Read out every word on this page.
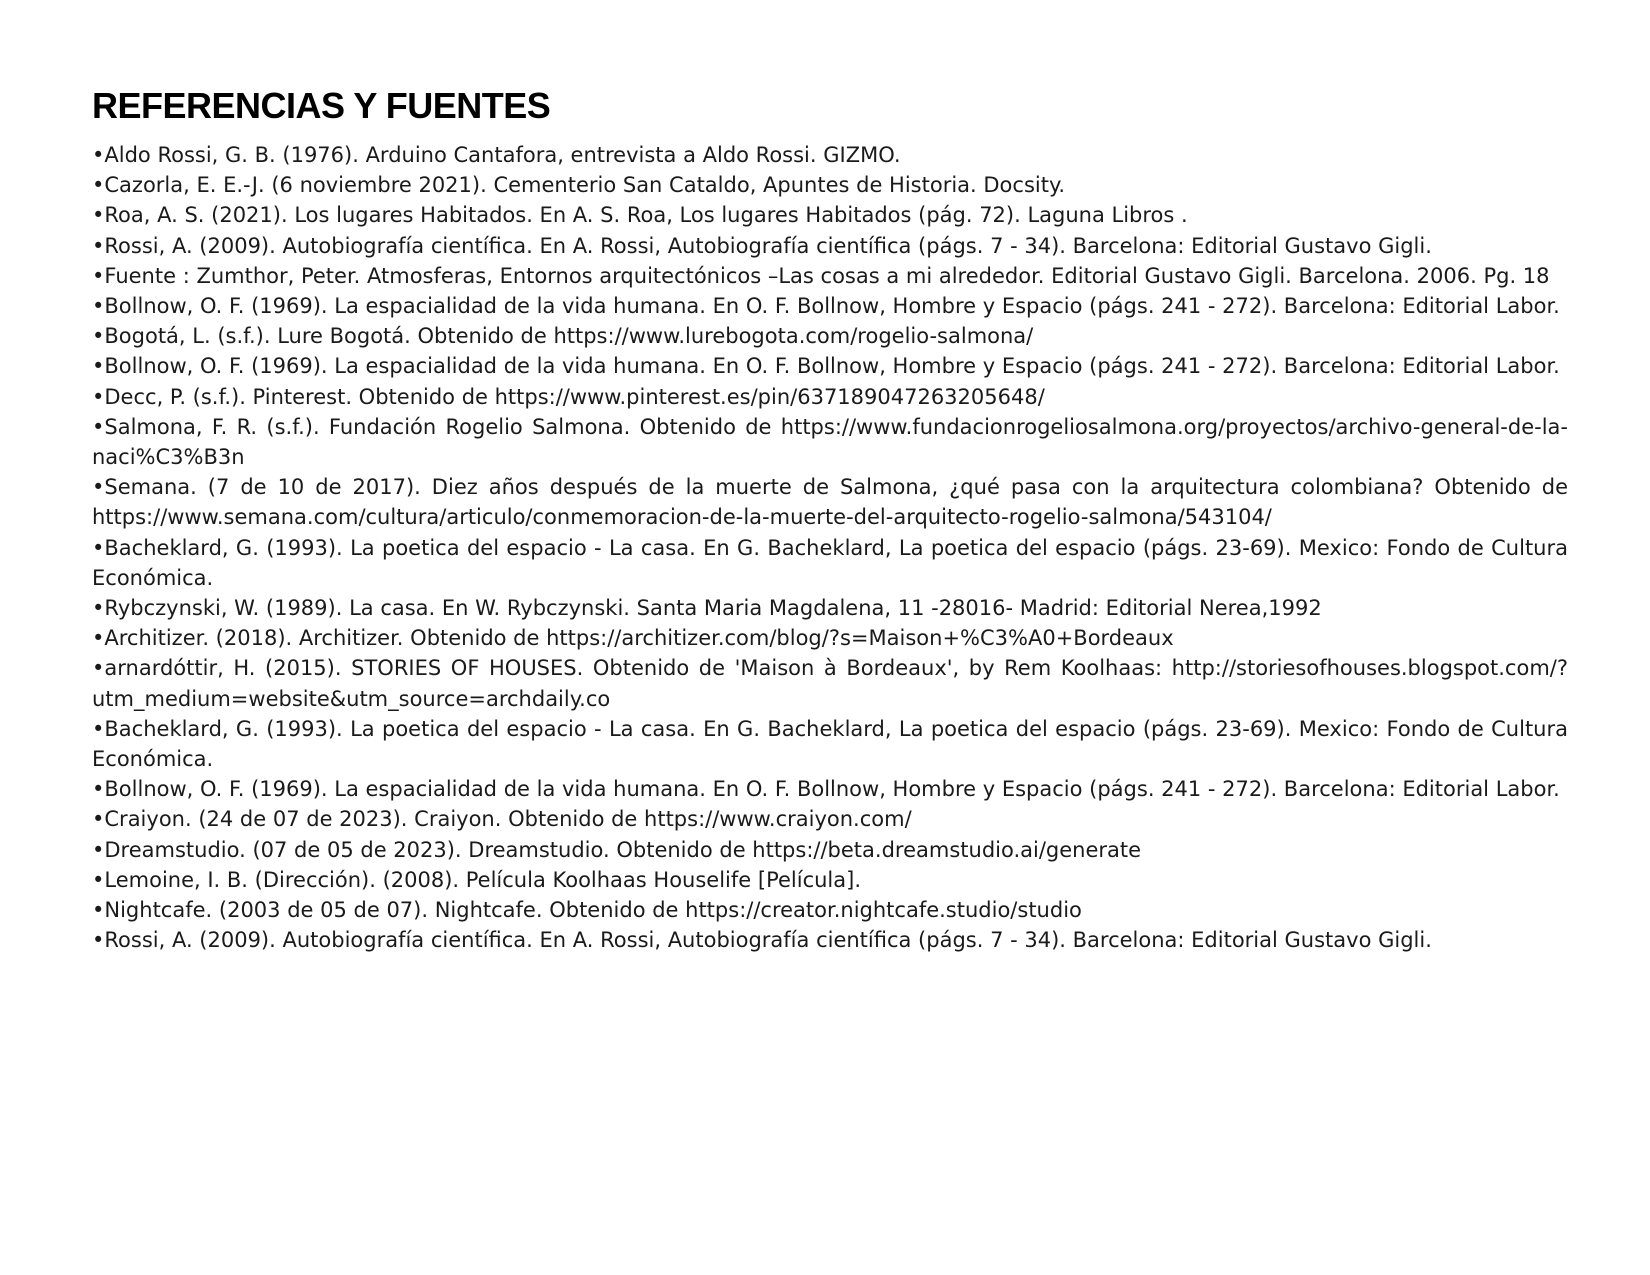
REFERENCIAS Y FUENTES
•Aldo Rossi, G. B. (1976). Arduino Cantafora, entrevista a Aldo Rossi. GIZMO.
•Cazorla, E. E.-J. (6 noviembre 2021). Cementerio San Cataldo, Apuntes de Historia. Docsity.
•Roa, A. S. (2021). Los lugares Habitados. En A. S. Roa, Los lugares Habitados (pág. 72). Laguna Libros .
•Rossi, A. (2009). Autobiografía científica. En A. Rossi, Autobiografía científica (págs. 7 - 34). Barcelona: Editorial Gustavo Gigli.
•Fuente : Zumthor, Peter. Atmosferas, Entornos arquitectónicos –Las cosas a mi alrededor. Editorial Gustavo Gigli. Barcelona. 2006. Pg. 18
•Bollnow, O. F. (1969). La espacialidad de la vida humana. En O. F. Bollnow, Hombre y Espacio (págs. 241 - 272). Barcelona: Editorial Labor.
•Bogotá, L. (s.f.). Lure Bogotá. Obtenido de https://www.lurebogota.com/rogelio-salmona/
•Bollnow, O. F. (1969). La espacialidad de la vida humana. En O. F. Bollnow, Hombre y Espacio (págs. 241 - 272). Barcelona: Editorial Labor.
•Decc, P. (s.f.). Pinterest. Obtenido de https://www.pinterest.es/pin/637189047263205648/
•Salmona, F. R. (s.f.). Fundación Rogelio Salmona. Obtenido de https://www.fundacionrogeliosalmona.org/proyectos/archivo-general-de-la-naci%C3%B3n
•Semana. (7 de 10 de 2017). Diez años después de la muerte de Salmona, ¿qué pasa con la arquitectura colombiana? Obtenido de https://www.semana.com/cultura/articulo/conmemoracion-de-la-muerte-del-arquitecto-rogelio-salmona/543104/
•Bacheklard, G. (1993). La poetica del espacio - La casa. En G. Bacheklard, La poetica del espacio (págs. 23-69). Mexico: Fondo de Cultura Económica.
•Rybczynski, W. (1989). La casa. En W. Rybczynski. Santa Maria Magdalena, 11 -28016- Madrid: Editorial Nerea,1992
•Architizer. (2018). Architizer. Obtenido de https://architizer.com/blog/?s=Maison+%C3%A0+Bordeaux
•arnardóttir, H. (2015). STORIES OF HOUSES. Obtenido de 'Maison à Bordeaux', by Rem Koolhaas: http://storiesofhouses.blogspot.com/?utm_medium=website&utm_source=archdaily.co
•Bacheklard, G. (1993). La poetica del espacio - La casa. En G. Bacheklard, La poetica del espacio (págs. 23-69). Mexico: Fondo de Cultura Económica.
•Bollnow, O. F. (1969). La espacialidad de la vida humana. En O. F. Bollnow, Hombre y Espacio (págs. 241 - 272). Barcelona: Editorial Labor.
•Craiyon. (24 de 07 de 2023). Craiyon. Obtenido de https://www.craiyon.com/
•Dreamstudio. (07 de 05 de 2023). Dreamstudio. Obtenido de https://beta.dreamstudio.ai/generate
•Lemoine, I. B. (Dirección). (2008). Película Koolhaas Houselife [Película].
•Nightcafe. (2003 de 05 de 07). Nightcafe. Obtenido de https://creator.nightcafe.studio/studio
•Rossi, A. (2009). Autobiografía científica. En A. Rossi, Autobiografía científica (págs. 7 - 34). Barcelona: Editorial Gustavo Gigli.
